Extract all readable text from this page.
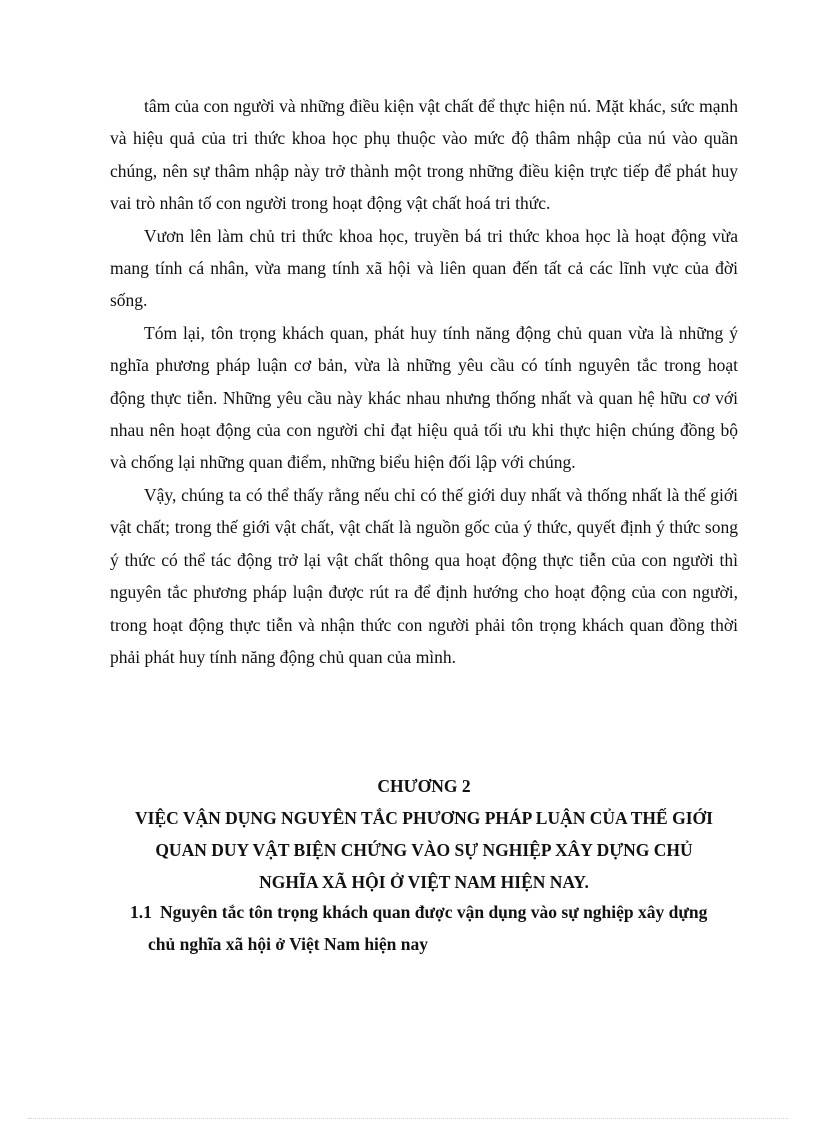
tâm của con người và những điều kiện vật chất để thực hiện nú. Mặt khác, sức mạnh và hiệu quả của tri thức khoa học phụ thuộc vào mức độ thâm nhập của nú vào quần chúng, nên sự thâm nhập này trở thành một trong những điều kiện trực tiếp để phát huy vai trò nhân tố con người trong hoạt động vật chất hoá tri thức.

Vươn lên làm chủ tri thức khoa học, truyền bá tri thức khoa học là hoạt động vừa mang tính cá nhân, vừa mang tính xã hội và liên quan đến tất cả các lĩnh vực của đời sống.

Tóm lại, tôn trọng khách quan, phát huy tính năng động chủ quan vừa là những ý nghĩa phương pháp luận cơ bản, vừa là những yêu cầu có tính nguyên tắc trong hoạt động thực tiễn. Những yêu cầu này khác nhau nhưng thống nhất và quan hệ hữu cơ với nhau nên hoạt động của con người chỉ đạt hiệu quả tối ưu khi thực hiện chúng đồng bộ và chống lại những quan điểm, những biểu hiện đối lập với chúng.

Vậy, chúng ta có thể thấy rằng nếu chỉ có thế giới duy nhất và thống nhất là thế giới vật chất; trong thế giới vật chất, vật chất là nguồn gốc của ý thức, quyết định ý thức song ý thức có thể tác động trở lại vật chất thông qua hoạt động thực tiễn của con người thì nguyên tắc phương pháp luận được rút ra để định hướng cho hoạt động của con người, trong hoạt động thực tiễn và nhận thức con người phải tôn trọng khách quan đồng thời phải phát huy tính năng động chủ quan của mình.

CHƯƠNG 2
VIỆC VẬN DỤNG NGUYÊN TẮC PHƯƠNG PHÁP LUẬN CỦA THẾ GIỚI QUAN DUY VẬT BIỆN CHỨNG VÀO SỰ NGHIỆP XÂY DỰNG CHỦ NGHĨA XÃ HỘI Ở VIỆT NAM HIỆN NAY.
1.1 Nguyên tắc tôn trọng khách quan được vận dụng vào sự nghiệp xây dựng
chủ nghĩa xã hội ở Việt Nam hiện nay
